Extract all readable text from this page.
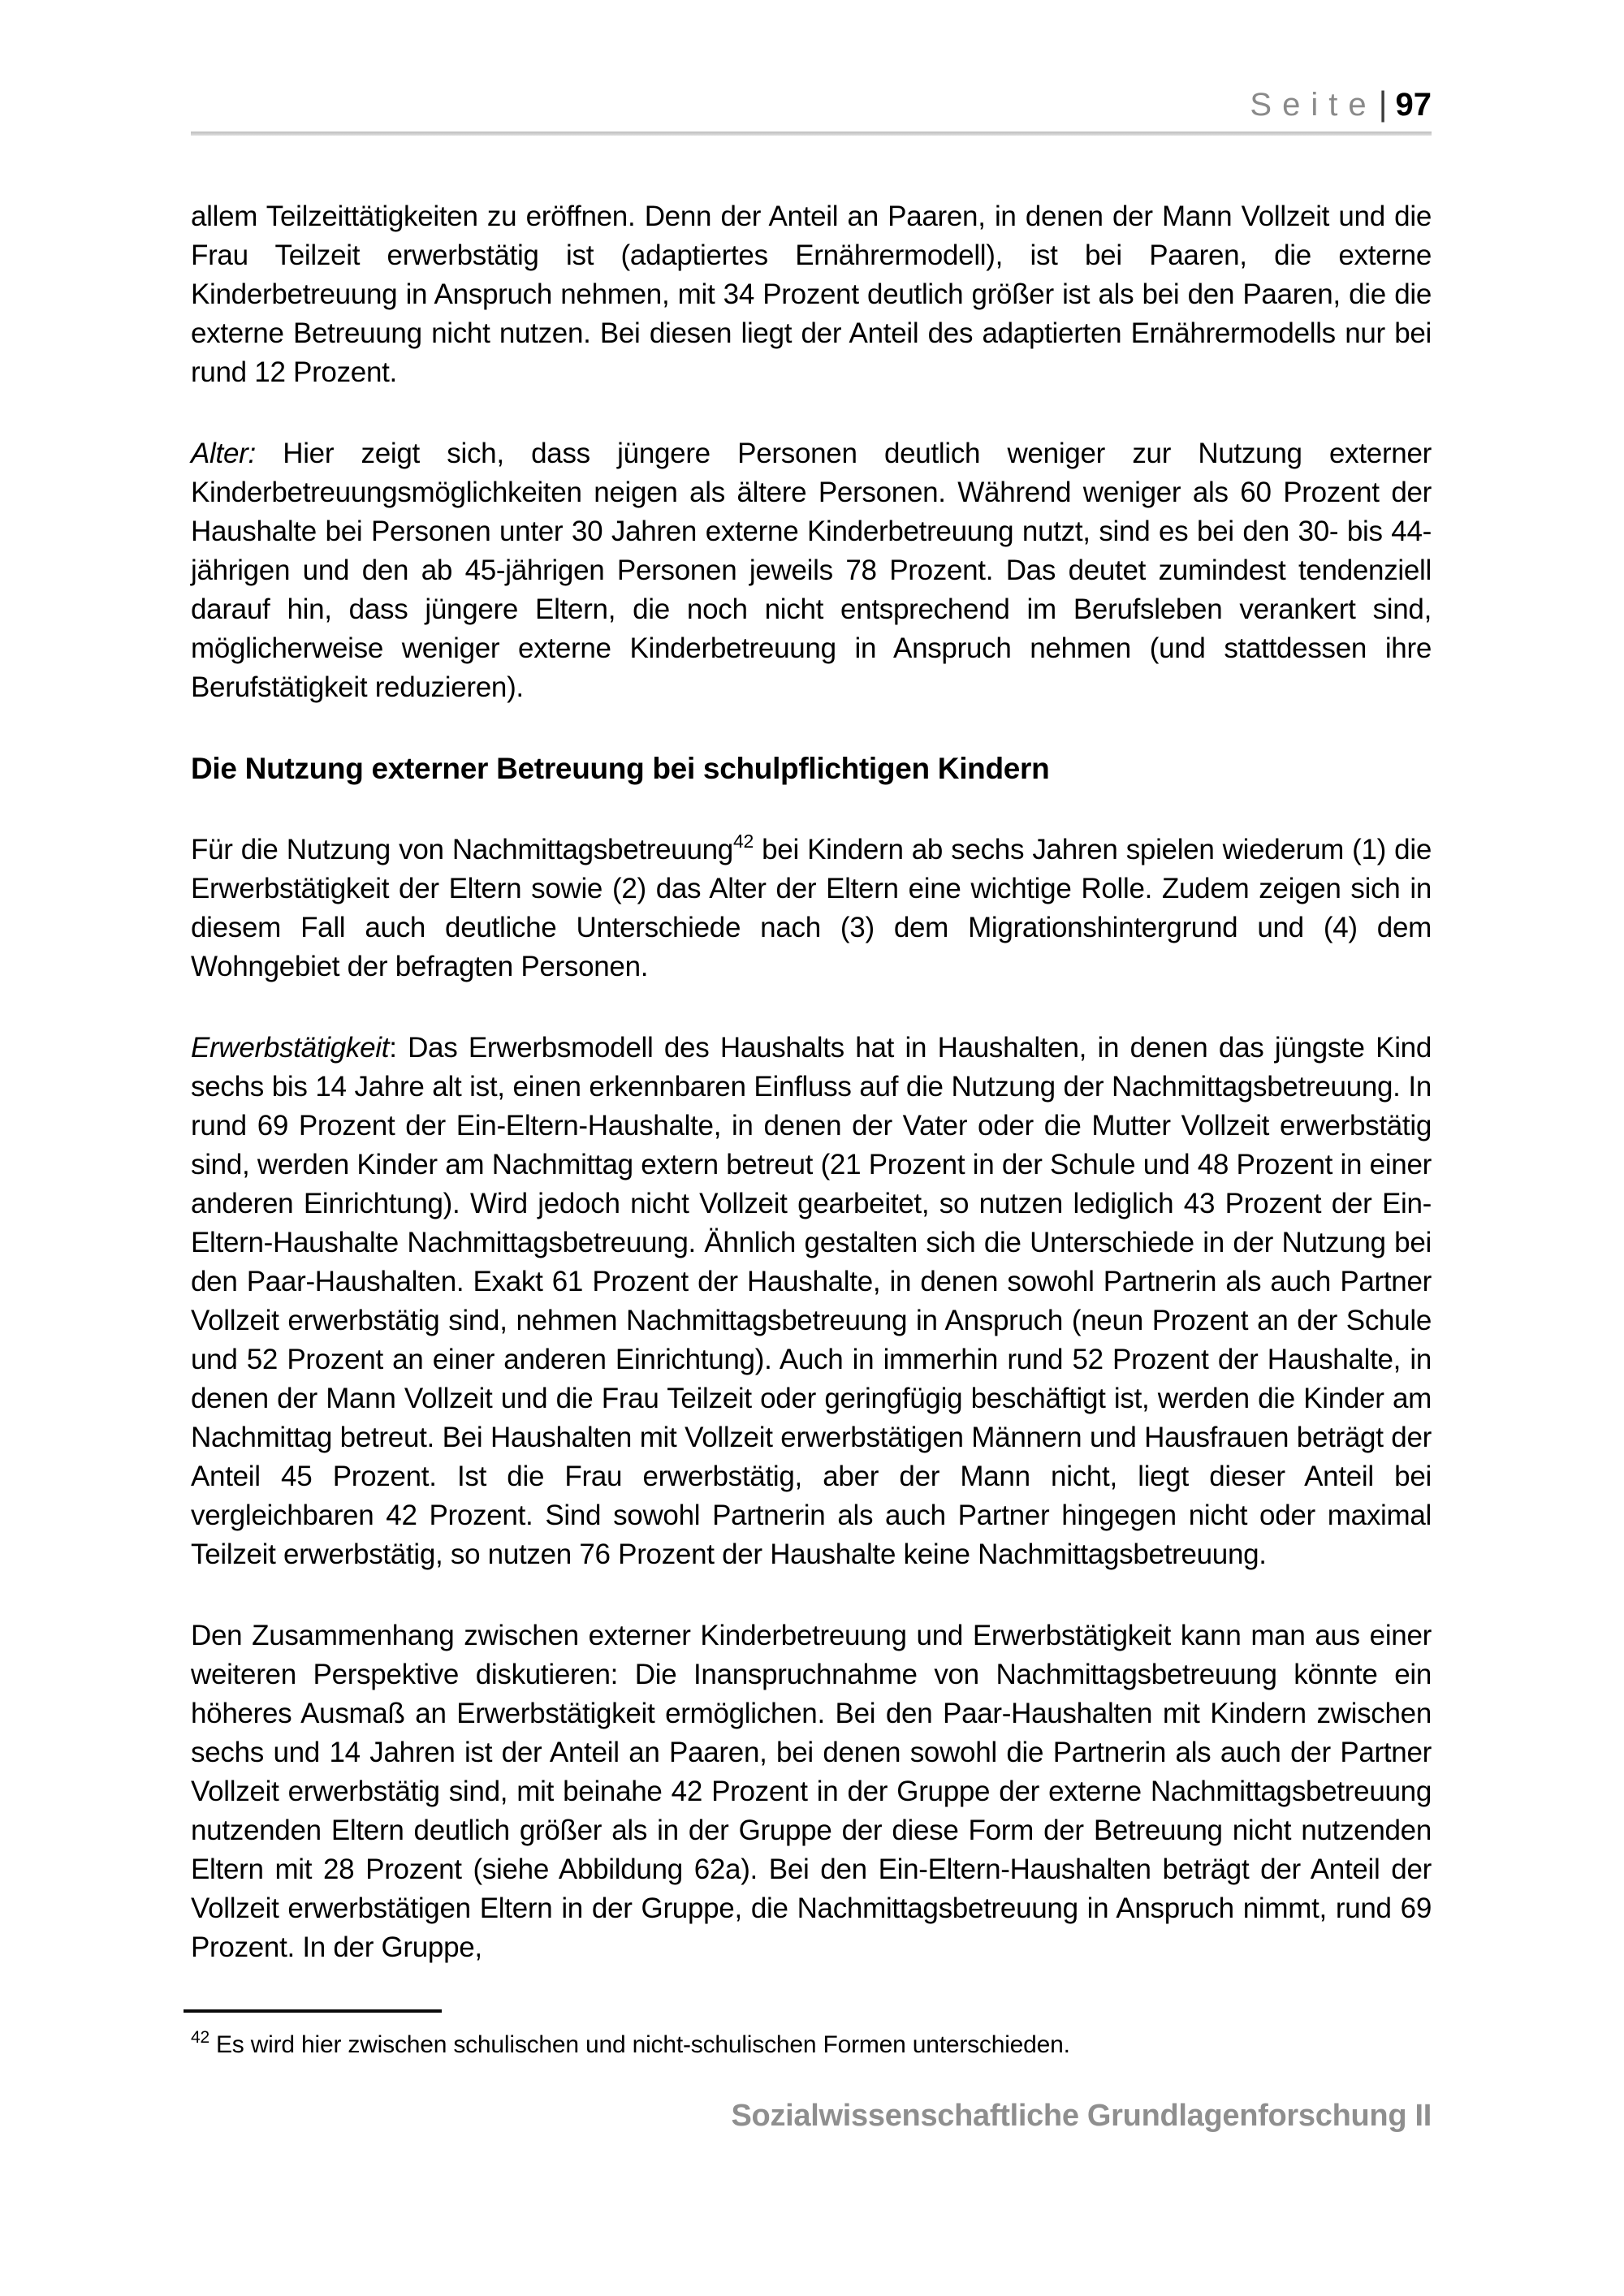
Seite | 97

allem Teilzeittätigkeiten zu eröffnen. Denn der Anteil an Paaren, in denen der Mann Vollzeit und die Frau Teilzeit erwerbstätig ist (adaptiertes Ernährermodell), ist bei Paaren, die externe Kinderbetreuung in Anspruch nehmen, mit 34 Prozent deutlich größer ist als bei den Paaren, die die externe Betreuung nicht nutzen. Bei diesen liegt der Anteil des adaptierten Ernährermodells nur bei rund 12 Prozent.

Alter: Hier zeigt sich, dass jüngere Personen deutlich weniger zur Nutzung externer Kinderbetreuungsmöglichkeiten neigen als ältere Personen. Während weniger als 60 Prozent der Haushalte bei Personen unter 30 Jahren externe Kinderbetreuung nutzt, sind es bei den 30- bis 44-jährigen und den ab 45-jährigen Personen jeweils 78 Prozent. Das deutet zumindest tendenziell darauf hin, dass jüngere Eltern, die noch nicht entsprechend im Berufsleben verankert sind, möglicherweise weniger externe Kinderbetreuung in Anspruch nehmen (und stattdessen ihre Berufstätigkeit reduzieren).

Die Nutzung externer Betreuung bei schulpflichtigen Kindern

Für die Nutzung von Nachmittagsbetreuung$^{42}$ bei Kindern ab sechs Jahren spielen wiederum (1) die Erwerbstätigkeit der Eltern sowie (2) das Alter der Eltern eine wichtige Rolle. Zudem zeigen sich in diesem Fall auch deutliche Unterschiede nach (3) dem Migrationshintergrund und (4) dem Wohngebiet der befragten Personen.

Erwerbstätigkeit: Das Erwerbsmodell des Haushalts hat in Haushalten, in denen das jüngste Kind sechs bis 14 Jahre alt ist, einen erkennbaren Einfluss auf die Nutzung der Nachmittagsbetreuung. In rund 69 Prozent der Ein-Eltern-Haushalte, in denen der Vater oder die Mutter Vollzeit erwerbstätig sind, werden Kinder am Nachmittag extern betreut (21 Prozent in der Schule und 48 Prozent in einer anderen Einrichtung). Wird jedoch nicht Vollzeit gearbeitet, so nutzen lediglich 43 Prozent der Ein-Eltern-Haushalte Nachmittagsbetreuung. Ähnlich gestalten sich die Unterschiede in der Nutzung bei den Paar-Haushalten. Exakt 61 Prozent der Haushalte, in denen sowohl Partnerin als auch Partner Vollzeit erwerbstätig sind, nehmen Nachmittagsbetreuung in Anspruch (neun Prozent an der Schule und 52 Prozent an einer anderen Einrichtung). Auch in immerhin rund 52 Prozent der Haushalte, in denen der Mann Vollzeit und die Frau Teilzeit oder geringfügig beschäftigt ist, werden die Kinder am Nachmittag betreut. Bei Haushalten mit Vollzeit erwerbstätigen Männern und Hausfrauen beträgt der Anteil 45 Prozent. Ist die Frau erwerbstätig, aber der Mann nicht, liegt dieser Anteil bei vergleichbaren 42 Prozent. Sind sowohl Partnerin als auch Partner hingegen nicht oder maximal Teilzeit erwerbstätig, so nutzen 76 Prozent der Haushalte keine Nachmittagsbetreuung.

Den Zusammenhang zwischen externer Kinderbetreuung und Erwerbstätigkeit kann man aus einer weiteren Perspektive diskutieren: Die Inanspruchnahme von Nachmittagsbetreuung könnte ein höheres Ausmaß an Erwerbstätigkeit ermöglichen. Bei den Paar-Haushalten mit Kindern zwischen sechs und 14 Jahren ist der Anteil an Paaren, bei denen sowohl die Partnerin als auch der Partner Vollzeit erwerbstätig sind, mit beinahe 42 Prozent in der Gruppe der externe Nachmittagsbetreuung nutzenden Eltern deutlich größer als in der Gruppe der diese Form der Betreuung nicht nutzenden Eltern mit 28 Prozent (siehe Abbildung 62a). Bei den Ein-Eltern-Haushalten beträgt der Anteil der Vollzeit erwerbstätigen Eltern in der Gruppe, die Nachmittagsbetreuung in Anspruch nimmt, rund 69 Prozent. In der Gruppe,

$^{42}$ Es wird hier zwischen schulischen und nicht-schulischen Formen unterschieden.
Sozialwissenschaftliche Grundlagenforschung II
